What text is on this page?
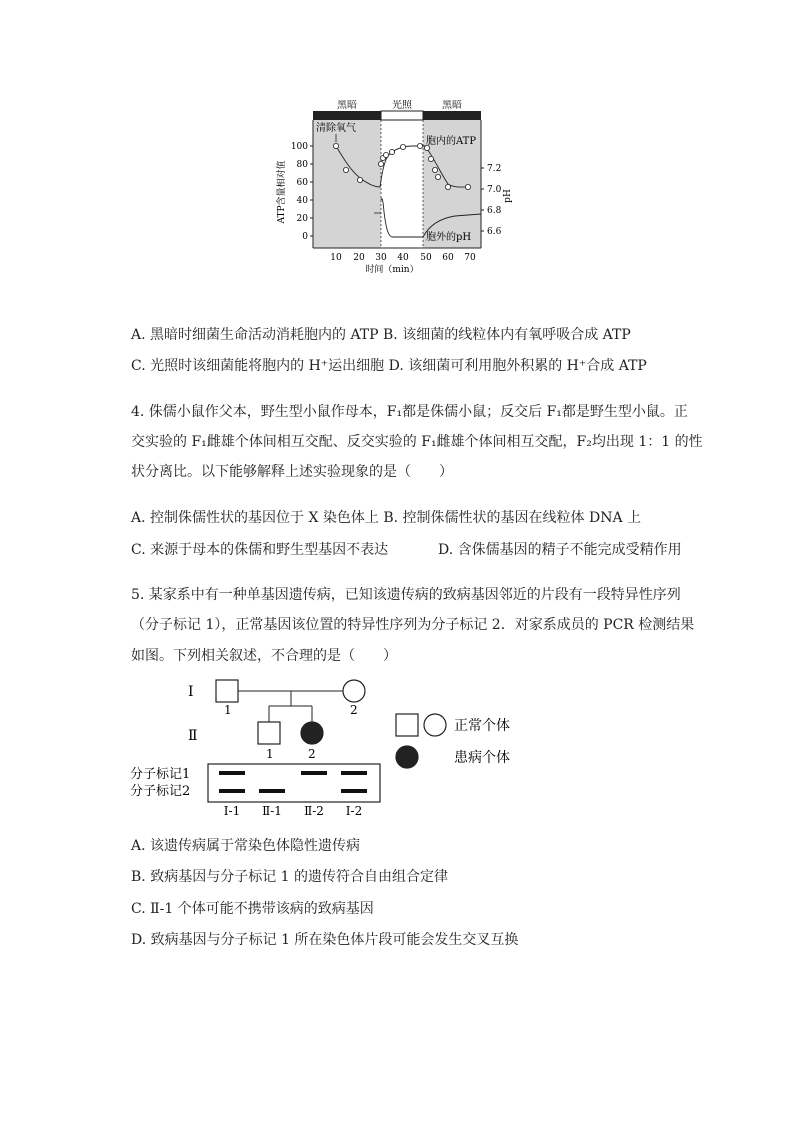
黑暗	光照	黑暗
100
80
60
40
20
0
ATP含量相对值	7.2
7.0
6.8
6.6
pH
10 20 30 40 50 60 70
时间（min）
清除氧气
胞内的ATP
胞外的pH
A. 黑暗时细菌生命活动消耗胞内的 ATP B. 该细菌的线粒体内有氧呼吸合成 ATP
C. 光照时该细菌能将胞内的 H⁺运出细胞 D. 该细菌可利用胞外积累的 H⁺合成 ATP
4. 侏儒小鼠作父本，野生型小鼠作母本，F₁都是侏儒小鼠；反交后 F₁都是野生型小鼠。正
交实验的 F₁雌雄个体间相互交配、反交实验的 F₁雌雄个体间相互交配，F₂均出现 1：1 的性
状分离比。以下能够解释上述实验现象的是（　　）
A. 控制侏儒性状的基因位于 X 染色体上 B. 控制侏儒性状的基因在线粒体 DNA 上
C. 来源于母本的侏儒和野生型基因不表达	D. 含侏儒基因的精子不能完成受精作用
5. 某家系中有一种单基因遗传病，已知该遗传病的致病基因邻近的片段有一段特异性序列
（分子标记 1），正常基因该位置的特异性序列为分子标记 2．对家系成员的 PCR 检测结果
如图。下列相关叙述，不合理的是（　　）
Ⅰ
Ⅱ
1	2
1	2
正常个体
患病个体
分子标记1
分子标记2
Ⅰ-1 Ⅱ-1 Ⅱ-2 Ⅰ-2
A. 该遗传病属于常染色体隐性遗传病
B. 致病基因与分子标记 1 的遗传符合自由组合定律
C. Ⅱ-1 个体可能不携带该病的致病基因
D. 致病基因与分子标记 1 所在染色体片段可能会发生交叉互换
